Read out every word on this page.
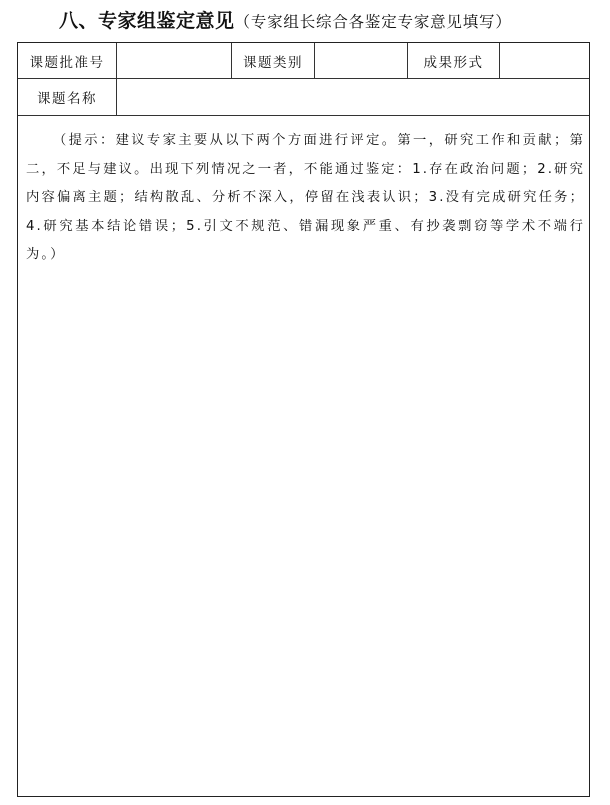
八、专家组鉴定意见（专家组长综合各鉴定专家意见填写）
课题批准号	课题类别	成果形式
课题名称
（提示：建议专家主要从以下两个方面进行评定。第一，研究工作和贡献；第二，不足与建议。出现下列情况之一者，不能通过鉴定：1.存在政治问题；2.研究内容偏离主题；结构散乱、分析不深入，停留在浅表认识；3.没有完成研究任务；4.研究基本结论错误；5.引文不规范、错漏现象严重、有抄袭剽窃等学术不端行为。）
